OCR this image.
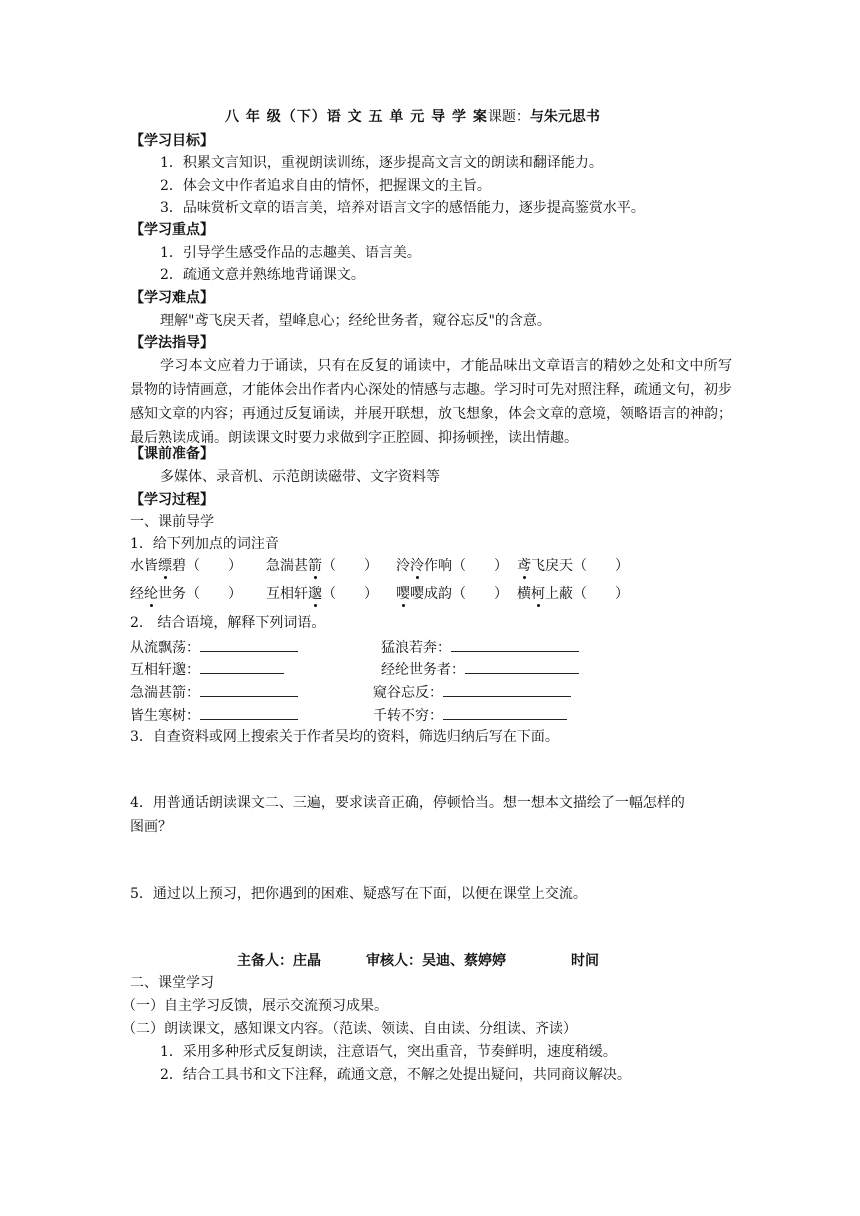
八 年 级（下）语 文 五 单 元 导 学 案课题：与朱元思书
【学习目标】
1．积累文言知识，重视朗读训练，逐步提高文言文的朗读和翻译能力。
2．体会文中作者追求自由的情怀，把握课文的主旨。
3．品味赏析文章的语言美，培养对语言文字的感悟能力，逐步提高鉴赏水平。
【学习重点】
1．引导学生感受作品的志趣美、语言美。
2．疏通文意并熟练地背诵课文。
【学习难点】
理解"鸢飞戾天者，望峰息心；经纶世务者，窥谷忘反"的含意。
【学法指导】
学习本文应着力于诵读，只有在反复的诵读中，才能品味出文章语言的精妙之处和文中所写景物的诗情画意，才能体会出作者内心深处的情感与志趣。学习时可先对照注释，疏通文句，初步感知文章的内容；再通过反复诵读，并展开联想，放飞想象，体会文章的意境，领略语言的神韵；最后熟读成诵。朗读课文时要力求做到字正腔圆、抑扬顿挫，读出情趣。
【课前准备】
多媒体、录音机、示范朗读磁带、文字资料等
【学习过程】
一、课前导学
1．给下列加点的词注音
水皆缥碧（　　） 急湍甚箭（　　） 泠泠作响（　　） 鸢飞戾天（　　）
经纶世务（　　） 互相轩邈（　　） 嘤嘤成韵（　　） 横柯上蔽（　　）
2.　结合语境，解释下列词语。
从流飘荡：	猛浪若奔：
互相轩邈：	经纶世务者：
急湍甚箭：	窥谷忘反：
皆生寒树：	千转不穷：
3．自查资料或网上搜索关于作者吴均的资料，筛选归纳后写在下面。
4．用普通话朗读课文二、三遍，要求读音正确，停顿恰当。想一想本文描绘了一幅怎样的
图画？
5．通过以上预习，把你遇到的困难、疑惑写在下面，以便在课堂上交流。
主备人：庄晶	审核人：吴迪、蔡婷婷	时间
二、课堂学习
（一）自主学习反馈，展示交流预习成果。
（二）朗读课文，感知课文内容。（范读、领读、自由读、分组读、齐读）
1．采用多种形式反复朗读，注意语气，突出重音，节奏鲜明，速度稍缓。
2．结合工具书和文下注释，疏通文意，不解之处提出疑问，共同商议解决。
